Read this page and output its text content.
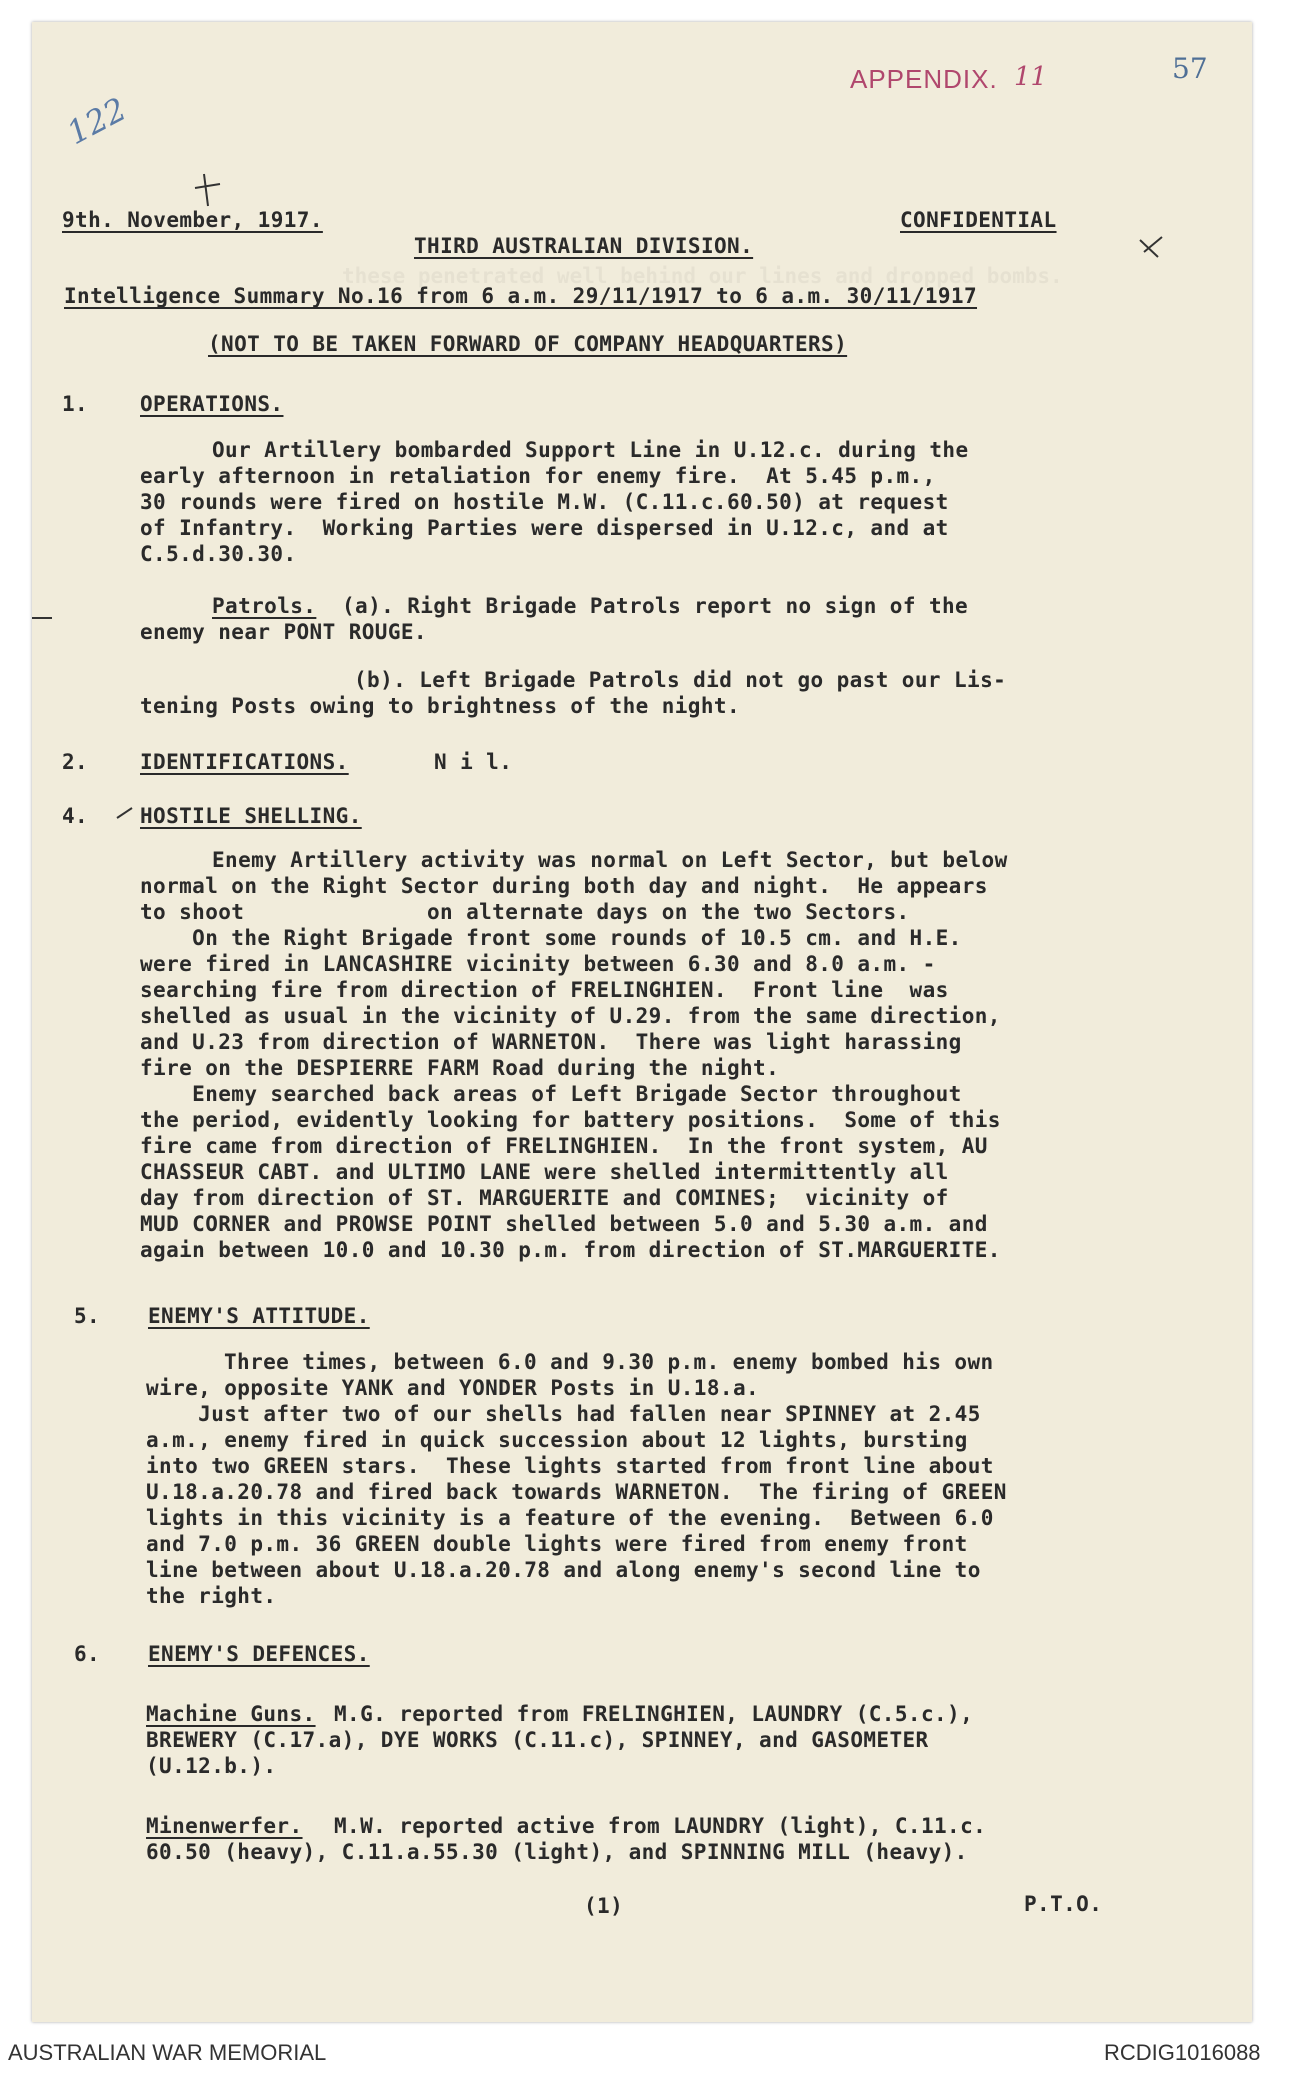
these penetrated well behind our lines and dropped bombs.
122
APPENDIX. 11	57
9th. November, 1917.	CONFIDENTIAL
THIRD AUSTRALIAN DIVISION.
Intelligence Summary No.16 from 6 a.m. 29/11/1917 to 6 a.m. 30/11/1917
(NOT TO BE TAKEN FORWARD OF COMPANY HEADQUARTERS)
1. OPERATIONS.
Our Artillery bombarded Support Line in U.12.c. during the
early afternoon in retaliation for enemy fire.  At 5.45 p.m.,
30 rounds were fired on hostile M.W. (C.11.c.60.50) at request
of Infantry.  Working Parties were dispersed in U.12.c, and at
C.5.d.30.30.
Patrols. (a). Right Brigade Patrols report no sign of the
enemy near PONT ROUGE.
(b). Left Brigade Patrols did not go past our Lis-
tening Posts owing to brightness of the night.
2. IDENTIFICATIONS.	N i l.
4. HOSTILE SHELLING.
Enemy Artillery activity was normal on Left Sector, but below
normal on the Right Sector during both day and night.  He appears
to shoot              on alternate days on the two Sectors.
On the Right Brigade front some rounds of 10.5 cm. and H.E.
were fired in LANCASHIRE vicinity between 6.30 and 8.0 a.m. -
searching fire from direction of FRELINGHIEN.  Front line  was
shelled as usual in the vicinity of U.29. from the same direction,
and U.23 from direction of WARNETON.  There was light harassing
fire on the DESPIERRE FARM Road during the night.
Enemy searched back areas of Left Brigade Sector throughout
the period, evidently looking for battery positions.  Some of this
fire came from direction of FRELINGHIEN.  In the front system, AU
CHASSEUR CABT. and ULTIMO LANE were shelled intermittently all
day from direction of ST. MARGUERITE and COMINES;  vicinity of
MUD CORNER and PROWSE POINT shelled between 5.0 and 5.30 a.m. and
again between 10.0 and 10.30 p.m. from direction of ST.MARGUERITE.
5. ENEMY'S ATTITUDE.
Three times, between 6.0 and 9.30 p.m. enemy bombed his own
wire, opposite YANK and YONDER Posts in U.18.a.
Just after two of our shells had fallen near SPINNEY at 2.45
a.m., enemy fired in quick succession about 12 lights, bursting
into two GREEN stars.  These lights started from front line about
U.18.a.20.78 and fired back towards WARNETON.  The firing of GREEN
lights in this vicinity is a feature of the evening.  Between 6.0
and 7.0 p.m. 36 GREEN double lights were fired from enemy front
line between about U.18.a.20.78 and along enemy's second line to
the right.
6. ENEMY'S DEFENCES.
Machine Guns. M.G. reported from FRELINGHIEN, LAUNDRY (C.5.c.),
BREWERY (C.17.a), DYE WORKS (C.11.c), SPINNEY, and GASOMETER
(U.12.b.).
Minenwerfer. M.W. reported active from LAUNDRY (light), C.11.c.
60.50 (heavy), C.11.a.55.30 (light), and SPINNING MILL (heavy).
(1)	P.T.O.
AUSTRALIAN WAR MEMORIAL	RCDIG1016088
